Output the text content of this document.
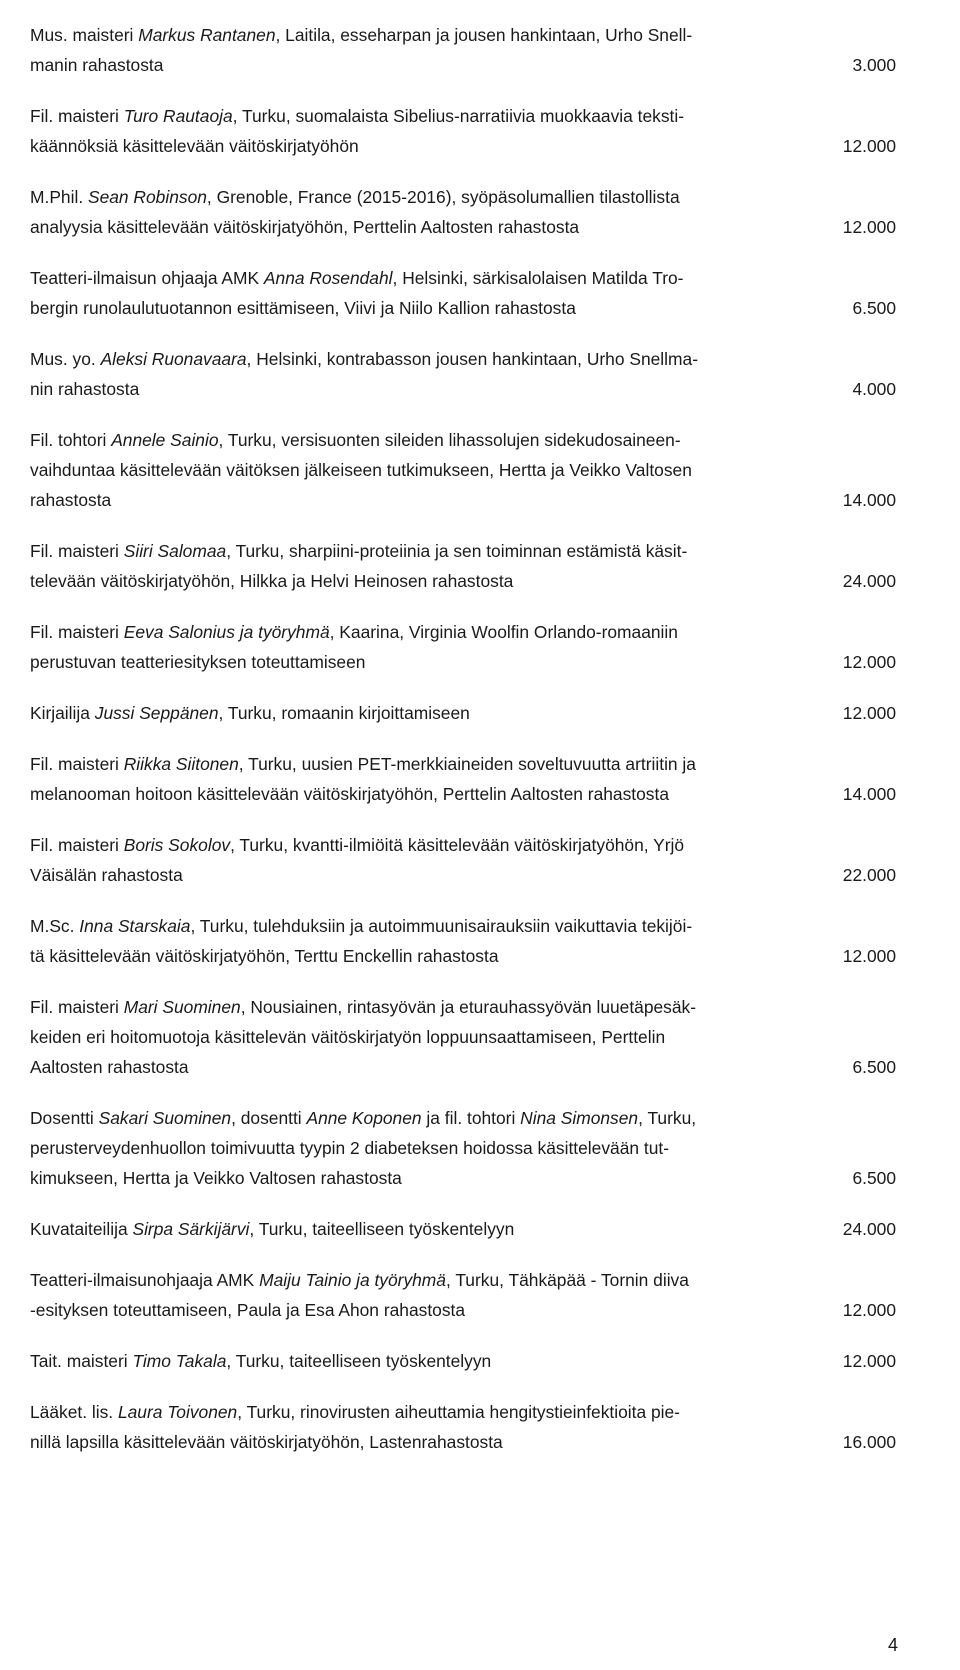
Mus. maisteri Markus Rantanen, Laitila, esseharpan ja jousen hankintaan, Urho Snell-
manin rahastosta	3.000
Fil. maisteri Turo Rautaoja, Turku, suomalaista Sibelius-narratiivia muokkaavia teksti-
käännöksiä käsittelevään väitöskirjatyöhön	12.000
M.Phil. Sean Robinson, Grenoble, France (2015-2016), syöpäsolumallien tilastollista
analyysia käsittelevään väitöskirjatyöhön, Perttelin Aaltosten rahastosta	12.000
Teatteri-ilmaisun ohjaaja AMK Anna Rosendahl, Helsinki, särkisalolaisen Matilda Tro-
bergin runolaulutuotannon esittämiseen, Viivi ja Niilo Kallion rahastosta	6.500
Mus. yo. Aleksi Ruonavaara, Helsinki, kontrabasson jousen hankintaan, Urho Snellma-
nin rahastosta	4.000
Fil. tohtori Annele Sainio, Turku, versisuonten sileiden lihassolujen sidekudosaineen-
vaihduntaa käsittelevään väitöksen jälkeiseen tutkimukseen, Hertta ja Veikko Valtosen
rahastosta	14.000
Fil. maisteri Siiri Salomaa, Turku, sharpiini-proteiinia ja sen toiminnan estämistä käsit-
televään väitöskirjatyöhön, Hilkka ja Helvi Heinosen rahastosta	24.000
Fil. maisteri Eeva Salonius ja työryhmä, Kaarina, Virginia Woolfin Orlando-romaaniin
perustuvan teatteriesityksen toteuttamiseen	12.000
Kirjailija Jussi Seppänen, Turku, romaanin kirjoittamiseen	12.000
Fil. maisteri Riikka Siitonen, Turku, uusien PET-merkkiaineiden soveltuvuutta artriitin ja
melanooman hoitoon käsittelevään väitöskirjatyöhön, Perttelin Aaltosten rahastosta	14.000
Fil. maisteri Boris Sokolov, Turku, kvantti-ilmiöitä käsittelevään väitöskirjatyöhön, Yrjö
Väisälän rahastosta	22.000
M.Sc. Inna Starskaia, Turku, tulehduksiin ja autoimmuunisairauksiin vaikuttavia tekijöi-
tä käsittelevään väitöskirjatyöhön, Terttu Enckellin rahastosta	12.000
Fil. maisteri Mari Suominen, Nousiainen, rintasyövän ja eturauhassyövän luuetäpesäk-
keiden eri hoitomuotoja käsittelevän väitöskirjatyön loppuunsaattamiseen, Perttelin
Aaltosten rahastosta	6.500
Dosentti Sakari Suominen, dosentti Anne Koponen ja fil. tohtori Nina Simonsen, Turku,
perusterveydenhuollon toimivuutta tyypin 2 diabeteksen hoidossa käsittelevään tut-
kimukseen, Hertta ja Veikko Valtosen rahastosta	6.500
Kuvataiteilija Sirpa Särkijärvi, Turku, taiteelliseen työskentelyyn	24.000
Teatteri-ilmaisunohjaaja AMK Maiju Tainio ja työryhmä, Turku, Tähkäpää - Tornin diiva
-esityksen toteuttamiseen, Paula ja Esa Ahon rahastosta	12.000
Tait. maisteri Timo Takala, Turku, taiteelliseen työskentelyyn	12.000
Lääket. lis. Laura Toivonen, Turku, rinovirusten aiheuttamia hengitystieinfektioita pie-
nillä lapsilla käsittelevään väitöskirjatyöhön, Lastenrahastosta	16.000
4
